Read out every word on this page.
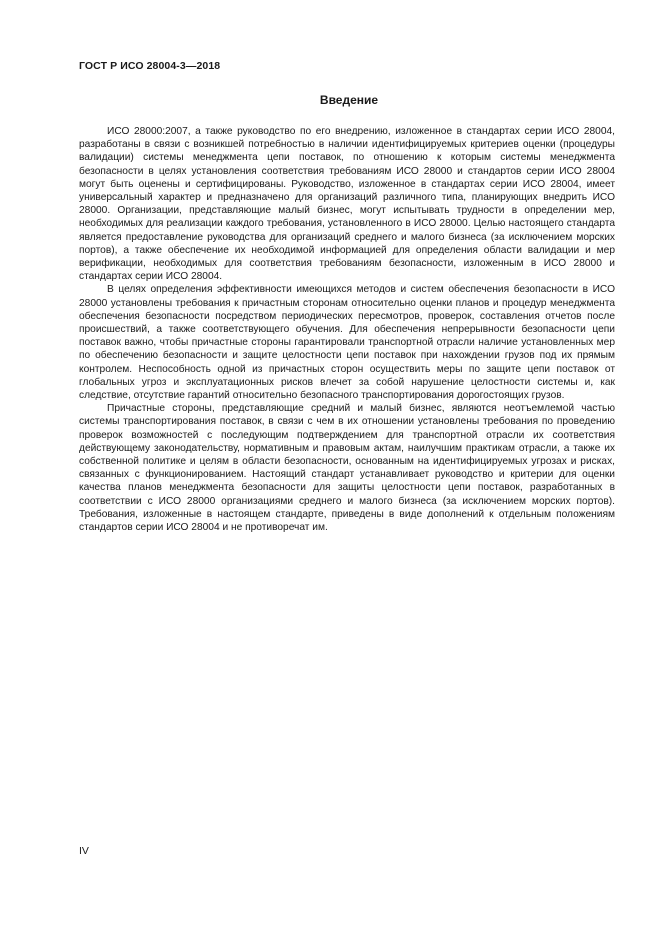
ГОСТ Р ИСО 28004-3—2018
Введение

ИСО 28000:2007, а также руководство по его внедрению, изложенное в стандартах серии ИСО 28004, разработаны в связи с возникшей потребностью в наличии идентифицируемых критериев оценки (процедуры валидации) системы менеджмента цепи поставок, по отношению к которым системы менеджмента безопасности в целях установления соответствия требованиям ИСО 28000 и стандартов серии ИСО 28004 могут быть оценены и сертифицированы. Руководство, изложенное в стандартах серии ИСО 28004, имеет универсальный характер и предназначено для организаций различного типа, планирующих внедрить ИСО 28000. Организации, представляющие малый бизнес, могут испытывать трудности в определении мер, необходимых для реализации каждого требования, установленного в ИСО 28000. Целью настоящего стандарта является предоставление руководства для организаций среднего и малого бизнеса (за исключением морских портов), а также обеспечение их необходимой информацией для определения области валидации и мер верификации, необходимых для соответствия требованиям безопасности, изложенным в ИСО 28000 и стандартах серии ИСО 28004.

В целях определения эффективности имеющихся методов и систем обеспечения безопасности в ИСО 28000 установлены требования к причастным сторонам относительно оценки планов и процедур менеджмента обеспечения безопасности посредством периодических пересмотров, проверок, составления отчетов после происшествий, а также соответствующего обучения. Для обеспечения непрерывности безопасности цепи поставок важно, чтобы причастные стороны гарантировали транспортной отрасли наличие установленных мер по обеспечению безопасности и защите целостности цепи поставок при нахождении грузов под их прямым контролем. Неспособность одной из причастных сторон осуществить меры по защите цепи поставок от глобальных угроз и эксплуатационных рисков влечет за собой нарушение целостности системы и, как следствие, отсутствие гарантий относительно безопасного транспортирования дорогостоящих грузов.

Причастные стороны, представляющие средний и малый бизнес, являются неотъемлемой частью системы транспортирования поставок, в связи с чем в их отношении установлены требования по проведению проверок возможностей с последующим подтверждением для транспортной отрасли их соответствия действующему законодательству, нормативным и правовым актам, наилучшим практикам отрасли, а также их собственной политике и целям в области безопасности, основанным на идентифицируемых угрозах и рисках, связанных с функционированием. Настоящий стандарт устанавливает руководство и критерии для оценки качества планов менеджмента безопасности для защиты целостности цепи поставок, разработанных в соответствии с ИСО 28000 организациями среднего и малого бизнеса (за исключением морских портов). Требования, изложенные в настоящем стандарте, приведены в виде дополнений к отдельным положениям стандартов серии ИСО 28004 и не противоречат им.

IV
